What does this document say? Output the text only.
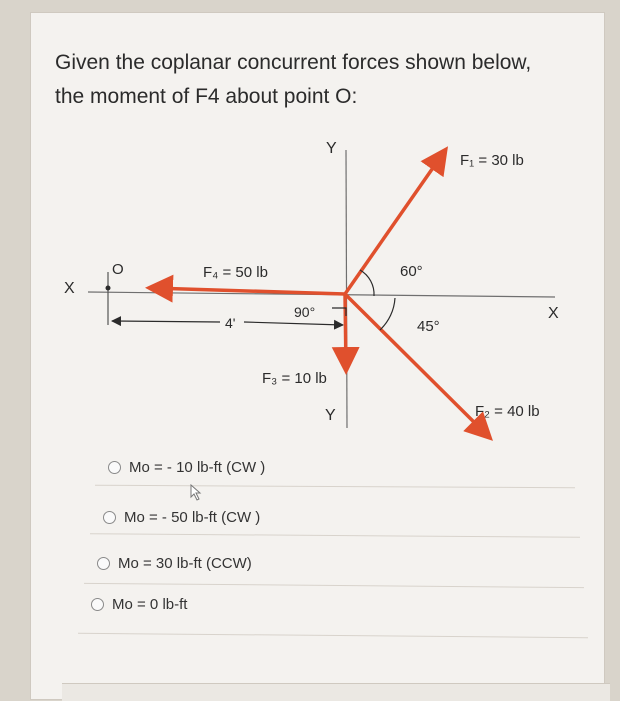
Given the coplanar concurrent forces shown below,
the moment of F4 about point O:
X
X
Y
Y
O
F₁ = 30 lb
F₂ = 40 lb
F₃ = 10 lb
F₄ = 50 lb	60°
45°
90°
4'
Mo = - 10 lb-ft (CW )
Mo = - 50 lb-ft (CW )
Mo = 30 lb-ft (CCW)
Mo = 0 lb-ft
